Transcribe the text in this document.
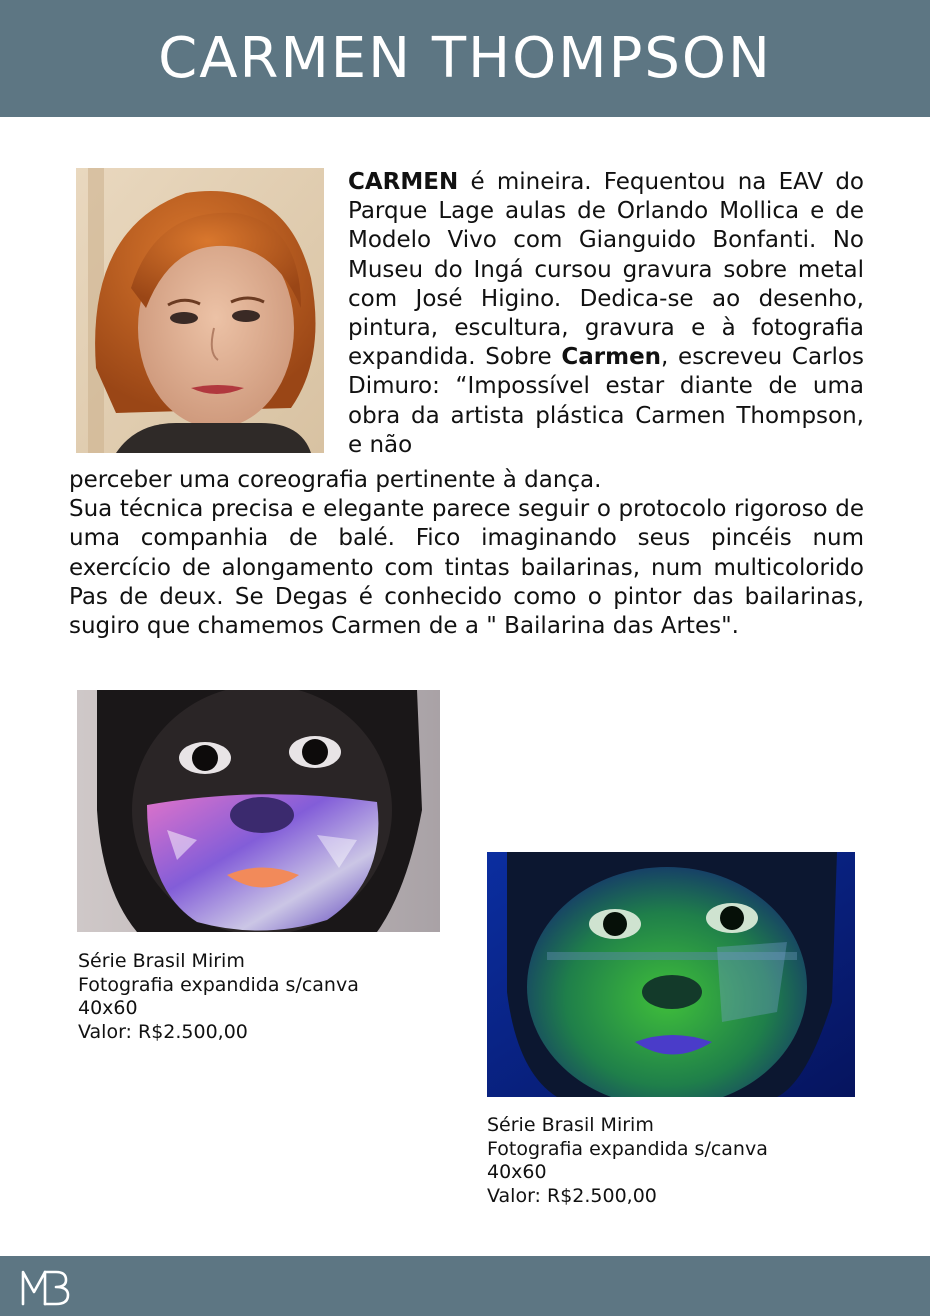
CARMEN THOMPSON

CARMEN é mineira. Fequentou na EAV do Parque Lage aulas de Orlando Mollica e de Modelo Vivo com Gianguido Bonfanti. No Museu do Ingá cursou gravura sobre metal com José Higino. Dedica-se ao desenho, pintura, escultura, gravura e à fotografia expandida. Sobre Carmen, escreveu Carlos Dimuro: “Impossível estar diante de uma obra da artista plástica Carmen Thompson, e não

perceber uma coreografia pertinente à dança.
Sua técnica precisa e elegante parece seguir o protocolo rigoroso de uma companhia de balé. Fico imaginando seus pincéis num exercício de alongamento com tintas bailarinas, num multicolorido Pas de deux. Se Degas é conhecido como o pintor das bailarinas, sugiro que chamemos Carmen de a " Bailarina das Artes".

Série Brasil Mirim
Fotografia expandida s/canva
40x60
Valor: R$2.500,00
Série Brasil Mirim
Fotografia expandida s/canva
40x60
Valor: R$2.500,00
